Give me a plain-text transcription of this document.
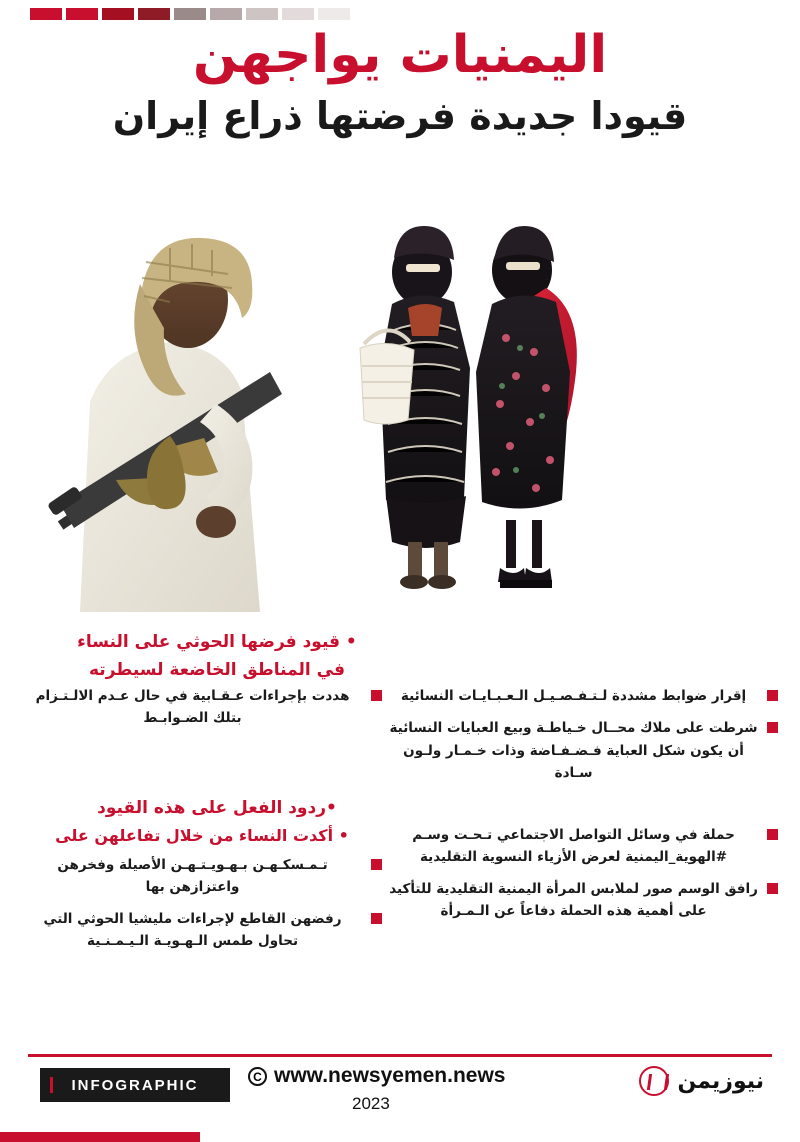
اليمنيات يواجهن
قيودا جديدة فرضتها ذراع إيران
• قيود فرضها الحوثي على النساء
في المناطق الخاضعة لسيطرته
إقرار ضوابط مشددة لـتـفـصـيـل الـعـبـايـات النسائية
شرطت على ملاك محــال خـياطـة وبيع العبايات النسائية أن يكون شكل العباية فـضـفـاضة وذات خـمـار ولـون سـادة
هددت بإجراءات عـقـابية في حال عـدم الالـتـزام بتلك الضـوابـط
•ردود الفعل على هذه القيود
حملة في وسائل التواصل الاجتماعي تـحـت وسـم #الهوية_اليمنية لعرض الأزياء النسوية التقليدية
رافق الوسم صور لملابس المرأة اليمنية التقليدية للتأكيد على أهمية هذه الحملة دفاعاً عن الـمـرأة
• أكدت النساء من خلال تفاعلهن على
تـمـسكـهـن بـهـويـتـهـن الأصيلة وفخرهن واعتزازهن بها
رفضهن القاطع لإجراءات مليشيا الحوثي التي تحاول طمس الـهـويـة الـيـمـنـية
INFOGRAPHIC	C www.newsyemen.news
2023
نيوزيمن
